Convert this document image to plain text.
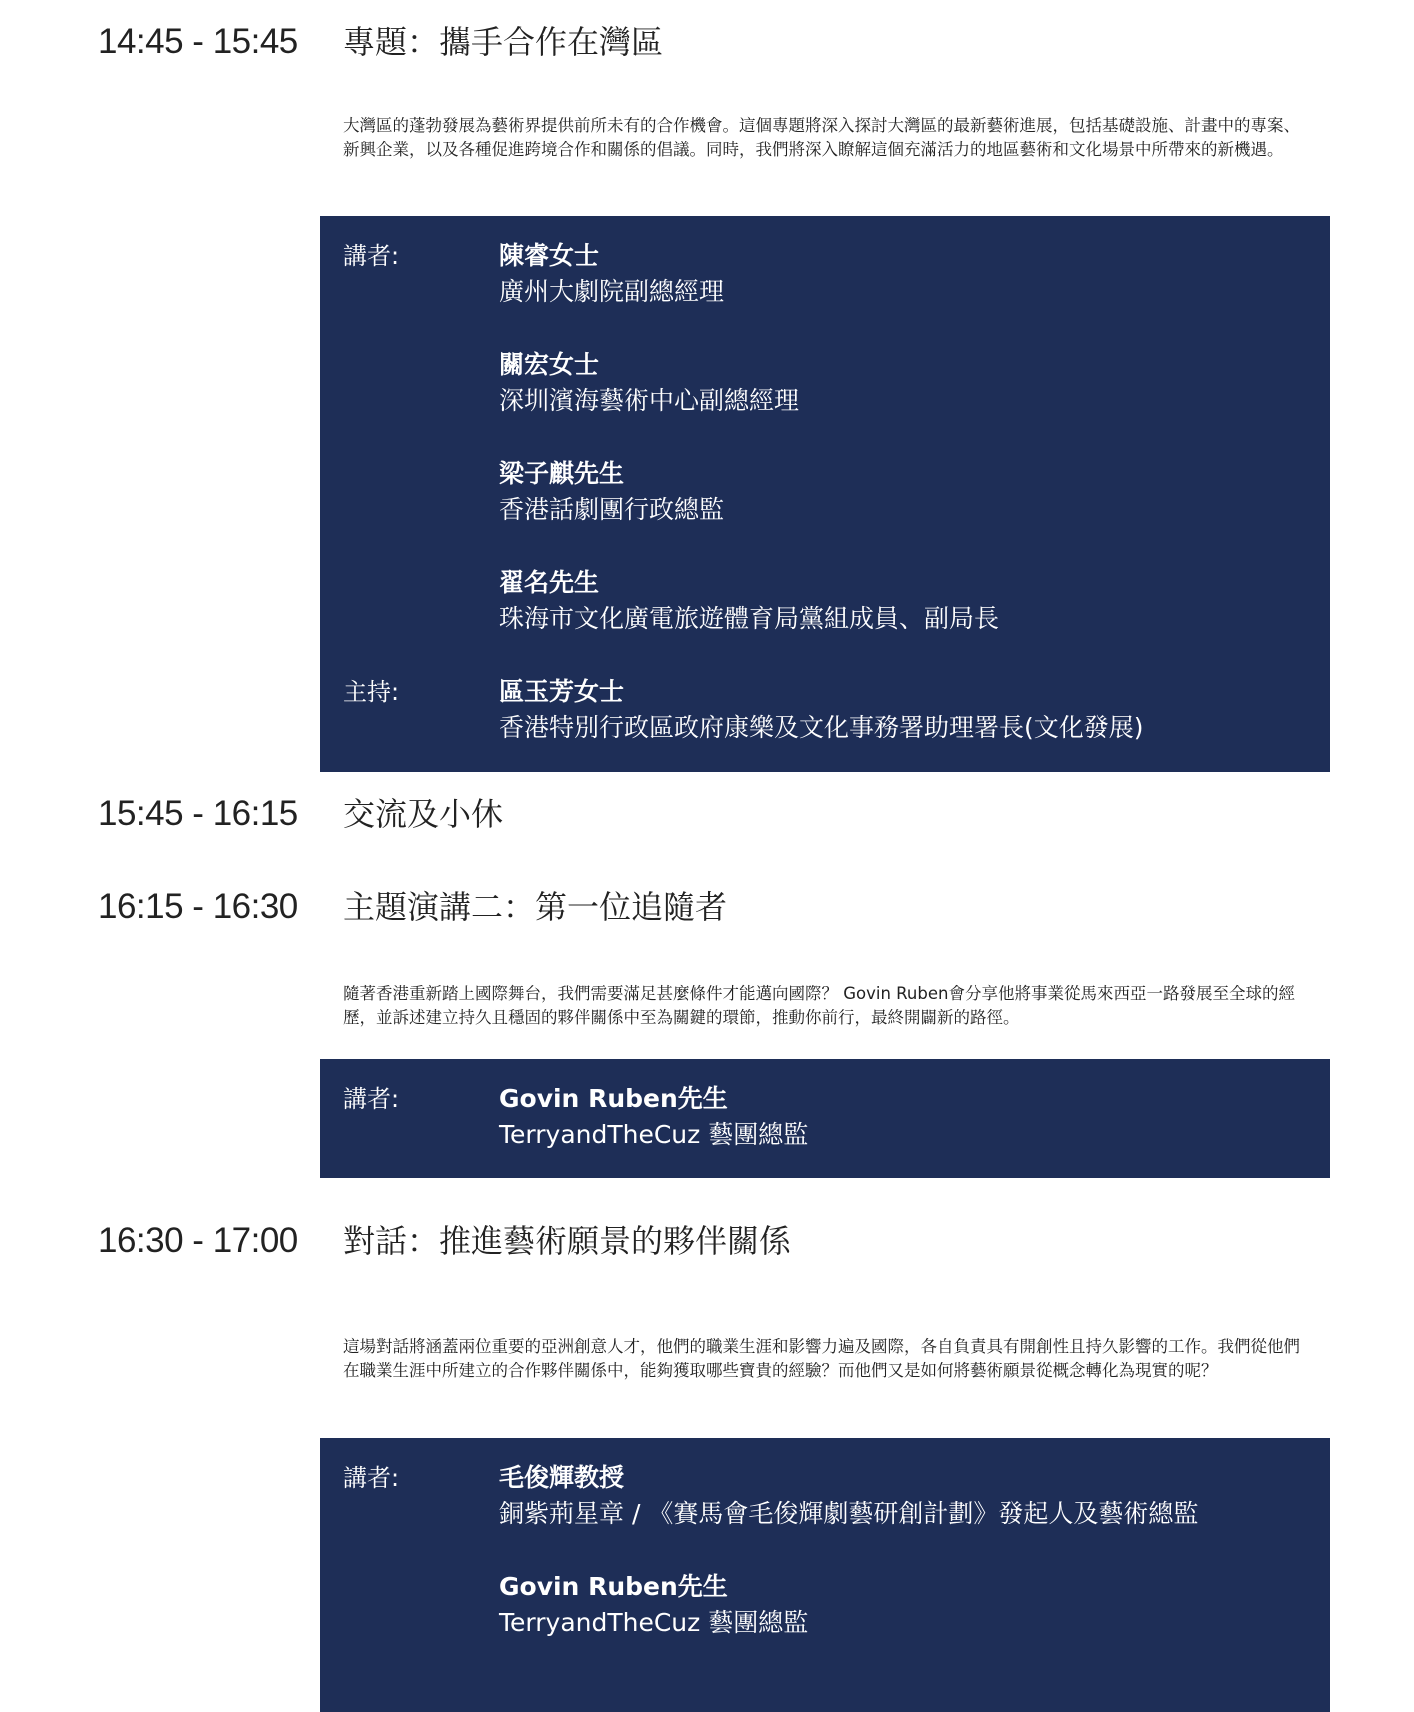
14:45 - 15:45 專題：攜手合作在灣區
大灣區的蓬勃發展為藝術界提供前所未有的合作機會。這個專題將深入探討大灣區的最新藝術進展，包括基礎設施、計畫中的專案、新興企業，以及各種促進跨境合作和關係的倡議。同時，我們將深入瞭解這個充滿活力的地區藝術和文化場景中所帶來的新機遇。
講者:	陳睿女士
廣州大劇院副總經理
關宏女士
深圳濱海藝術中心副總經理
梁子麒先生
香港話劇團行政總監
翟名先生
珠海市文化廣電旅遊體育局黨組成員、副局長
主持:	區玉芳女士
香港特別行政區政府康樂及文化事務署助理署長(文化發展)
15:45 - 16:15 交流及小休
16:15 - 16:30 主題演講二：第一位追隨者
隨著香港重新踏上國際舞台，我們需要滿足甚麼條件才能邁向國際？ Govin Ruben會分享他將事業從馬來西亞一路發展至全球的經歷，並訴述建立持久且穩固的夥伴關係中至為關鍵的環節，推動你前行，最終開闢新的路徑。
講者:	Govin Ruben先生
TerryandTheCuz 藝團總監
16:30 - 17:00 對話：推進藝術願景的夥伴關係
這場對話將涵蓋兩位重要的亞洲創意人才，他們的職業生涯和影響力遍及國際，各自負責具有開創性且持久影響的工作。我們從他們在職業生涯中所建立的合作夥伴關係中，能夠獲取哪些寶貴的經驗？而他們又是如何將藝術願景從概念轉化為現實的呢？
講者:	毛俊輝教授
銅紫荊星章 / 《賽馬會毛俊輝劇藝研創計劃》發起人及藝術總監
Govin Ruben先生
TerryandTheCuz 藝團總監
